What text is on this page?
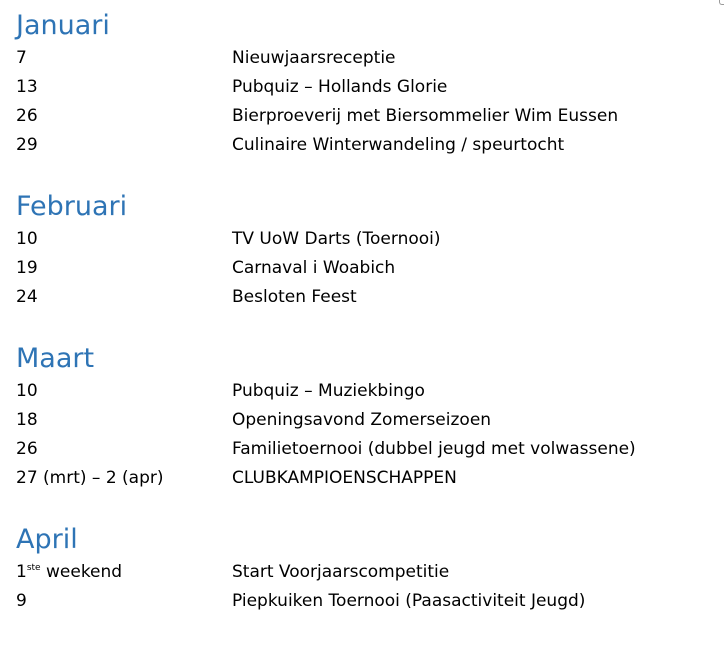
Januari
7	Nieuwjaarsreceptie
13	Pubquiz – Hollands Glorie
26	Bierproeverij met Biersommelier Wim Eussen
29	Culinaire Winterwandeling / speurtocht
Februari
10	TV UoW Darts (Toernooi)
19	Carnaval i Woabich
24	Besloten Feest
Maart
10	Pubquiz – Muziekbingo
18	Openingsavond Zomerseizoen
26	Familietoernooi (dubbel jeugd met volwassene)
27 (mrt) – 2 (apr)	CLUBKAMPIOENSCHAPPEN
April
1ste weekend	Start Voorjaarscompetitie
9	Piepkuiken Toernooi (Paasactiviteit Jeugd)
